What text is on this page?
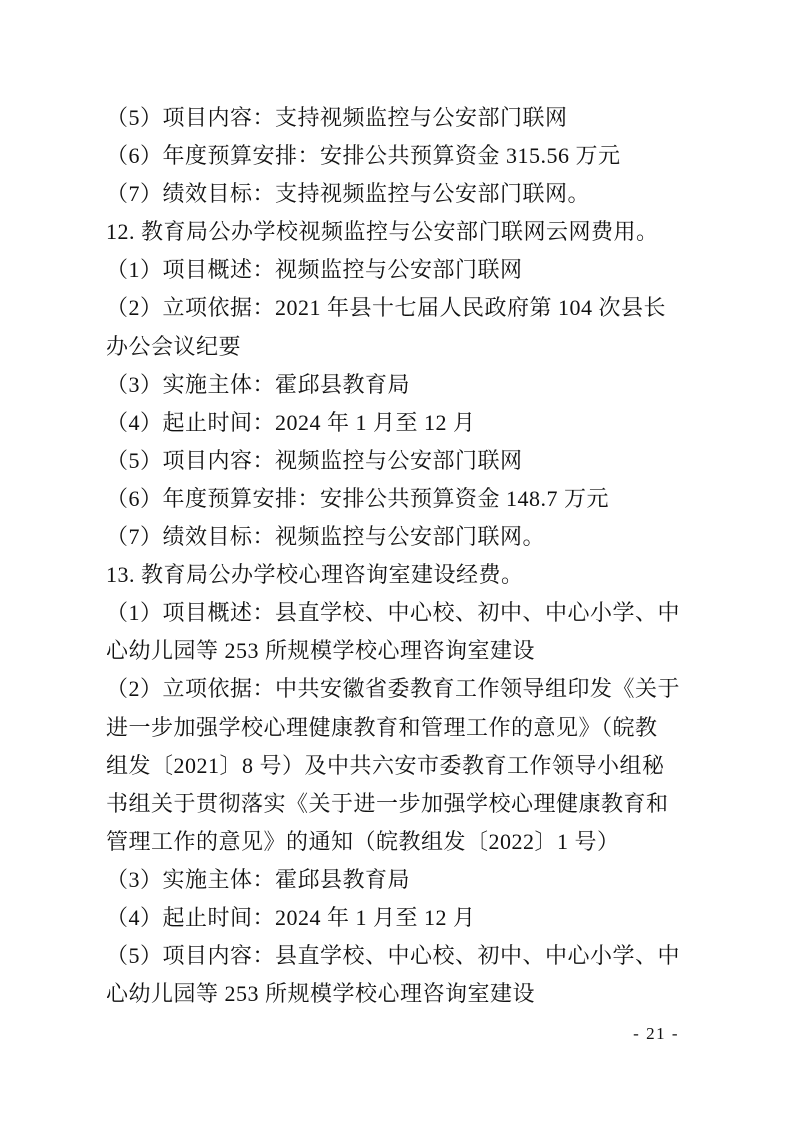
（5）项目内容：支持视频监控与公安部门联网
（6）年度预算安排：安排公共预算资金 315.56 万元
（7）绩效目标：支持视频监控与公安部门联网。
12. 教育局公办学校视频监控与公安部门联网云网费用。
（1）项目概述：视频监控与公安部门联网
（2）立项依据：2021 年县十七届人民政府第 104 次县长
办公会议纪要
（3）实施主体：霍邱县教育局
（4）起止时间：2024 年 1 月至 12 月
（5）项目内容：视频监控与公安部门联网
（6）年度预算安排：安排公共预算资金 148.7 万元
（7）绩效目标：视频监控与公安部门联网。
13. 教育局公办学校心理咨询室建设经费。
（1）项目概述：县直学校、中心校、初中、中心小学、中
心幼儿园等 253 所规模学校心理咨询室建设
（2）立项依据：中共安徽省委教育工作领导组印发《关于
进一步加强学校心理健康教育和管理工作的意见》（皖教
组发〔2021〕8 号）及中共六安市委教育工作领导小组秘
书组关于贯彻落实《关于进一步加强学校心理健康教育和
管理工作的意见》的通知（皖教组发〔2022〕1 号）
（3）实施主体：霍邱县教育局
（4）起止时间：2024 年 1 月至 12 月
（5）项目内容：县直学校、中心校、初中、中心小学、中
心幼儿园等 253 所规模学校心理咨询室建设
- 21 -
